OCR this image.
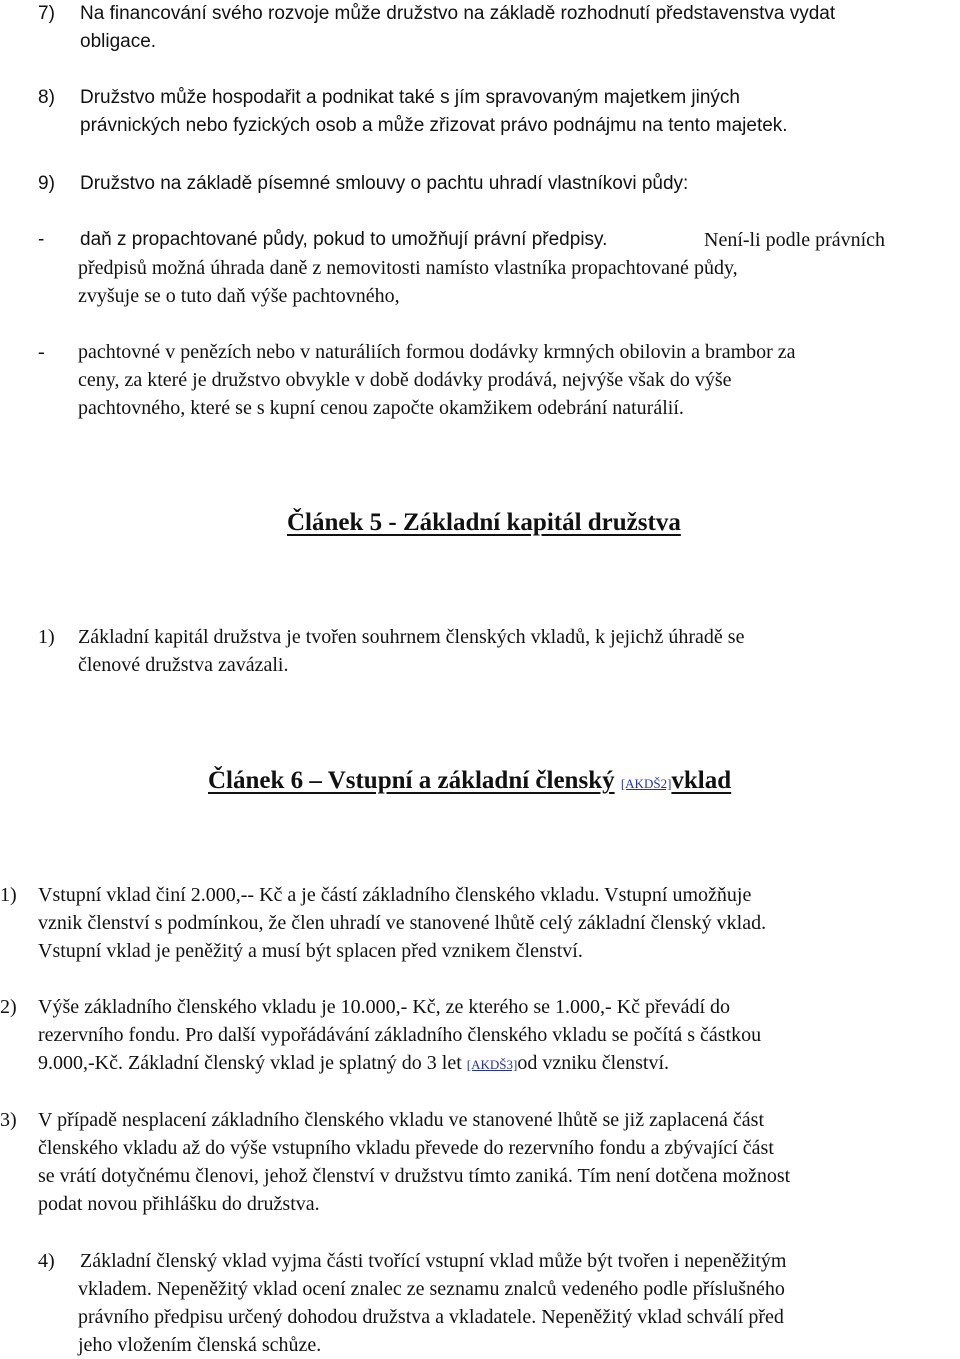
7) Na financování svého rozvoje může družstvo na základě rozhodnutí představenstva vydat
obligace.
8) Družstvo může hospodařit a podnikat také s jím spravovaným majetkem jiných
právnických nebo fyzických osob a může zřizovat právo podnájmu na tento majetek.
9) Družstvo na základě písemné smlouvy o pachtu uhradí vlastníkovi půdy:
- daň z propachtované půdy, pokud to umožňují právní předpisy.	Není-li podle právních
předpisů možná úhrada daně z nemovitosti namísto vlastníka propachtované půdy,
zvyšuje se o tuto daň výše pachtovného,
- pachtovné v penězích nebo v naturáliích formou dodávky krmných obilovin a brambor za
ceny, za které je družstvo obvykle v době dodávky prodává, nejvýše však do výše
pachtovného, které se s kupní cenou započte okamžikem odebrání naturálií.
Článek 5 - Základní kapitál družstva
1) Základní kapitál družstva je tvořen souhrnem členských vkladů, k jejichž úhradě se
členové družstva zavázali.
Článek 6 – Vstupní a základní členský [AKDŠ2]vklad
1) Vstupní vklad činí 2.000,-- Kč a je částí základního členského vkladu. Vstupní umožňuje
vznik členství s podmínkou, že člen uhradí ve stanovené lhůtě celý základní členský vklad.
Vstupní vklad je peněžitý a musí být splacen před vznikem členství.
2) Výše základního členského vkladu je 10.000,- Kč, ze kterého se 1.000,- Kč převádí do
rezervního fondu. Pro další vypořádávání základního členského vkladu se počítá s částkou
9.000,-Kč. Základní členský vklad je splatný do 3 let [AKDŠ3]od vzniku členství.
3) V případě nesplacení základního členského vkladu ve stanovené lhůtě se již zaplacená část
členského vkladu až do výše vstupního vkladu převede do rezervního fondu a zbývající část
se vrátí dotyčnému členovi, jehož členství v družstvu tímto zaniká. Tím není dotčena možnost
podat novou přihlášku do družstva.
4) Základní členský vklad vyjma části tvořící vstupní vklad může být tvořen i nepeněžitým
vkladem. Nepeněžitý vklad ocení znalec ze seznamu znalců vedeného podle příslušného
právního předpisu určený dohodou družstva a vkladatele. Nepeněžitý vklad schválí před
jeho vložením členská schůze.
